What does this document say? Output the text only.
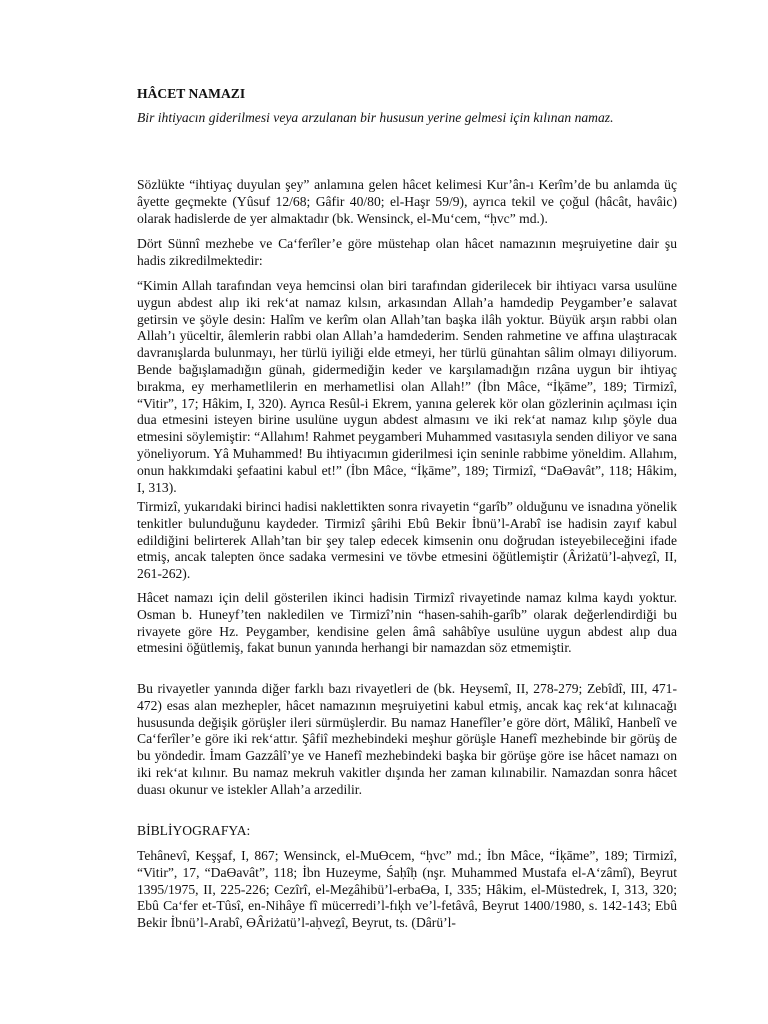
HÂCET NAMAZI
Bir ihtiyacın giderilmesi veya arzulanan bir hususun yerine gelmesi için kılınan namaz.

Sözlükte “ihtiyaç duyulan şey” anlamına gelen hâcet kelimesi Kur’ân-ı Kerîm’de bu anlamda üç âyette geçmekte (Yûsuf 12/68; Gâfir 40/80; el-Haşr 59/9), ayrıca tekil ve çoğul (hâcât, havâic) olarak hadislerde de yer almaktadır (bk. Wensinck, el-Mu‘cem, “ḥvc” md.).

Dört Sünnî mezhebe ve Ca‘ferîler’e göre müstehap olan hâcet namazının meşruiyetine dair şu hadis zikredilmektedir:

“Kimin Allah tarafından veya hemcinsi olan biri tarafından giderilecek bir ihtiyacı varsa usulüne uygun abdest alıp iki rek‘at namaz kılsın, arkasından Allah’a hamdedip Peygamber’e salavat getirsin ve şöyle desin: Halîm ve kerîm olan Allah’tan başka ilâh yoktur. Büyük arşın rabbi olan Allah’ı yüceltir, âlemlerin rabbi olan Allah’a hamdederim. Senden rahmetine ve affına ulaştıracak davranışlarda bulunmayı, her türlü iyiliği elde etmeyi, her türlü günahtan sâlim olmayı diliyorum. Bende bağışlamadığın günah, gidermediğin keder ve karşılamadığın rızâna uygun bir ihtiyaç bırakma, ey merhametlilerin en merhametlisi olan Allah!” (İbn Mâce, “İķāme”, 189; Tirmizî, “Vitir”, 17; Hâkim, I, 320). Ayrıca Resûl-i Ekrem, yanına gelerek kör olan gözlerinin açılması için dua etmesini isteyen birine usulüne uygun abdest almasını ve iki rek‘at namaz kılıp şöyle dua etmesini söylemiştir: “Allahım! Rahmet peygamberi Muhammed vasıtasıyla senden diliyor ve sana yöneliyorum. Yâ Muhammed! Bu ihtiyacımın giderilmesi için seninle rabbime yöneldim. Allahım, onun hakkımdaki şefaatini kabul et!” (İbn Mâce, “İķāme”, 189; Tirmizî, “DaƟavât”, 118; Hâkim, I, 313).

Tirmizî, yukarıdaki birinci hadisi naklettikten sonra rivayetin “garîb” olduğunu ve isnadına yönelik tenkitler bulunduğunu kaydeder. Tirmizî şârihi Ebû Bekir İbnü’l-Arabî ise hadisin zayıf kabul edildiğini belirterek Allah’tan bir şey talep edecek kimsenin onu doğrudan isteyebileceğini ifade etmiş, ancak talepten önce sadaka vermesini ve tövbe etmesini öğütlemiştir (Âriżatü’l-aḥveẕî, II, 261-262).

Hâcet namazı için delil gösterilen ikinci hadisin Tirmizî rivayetinde namaz kılma kaydı yoktur. Osman b. Huneyf’ten nakledilen ve Tirmizî’nin “hasen-sahih-garîb” olarak değerlendirdiği bu rivayete göre Hz. Peygamber, kendisine gelen âmâ sahâbîye usulüne uygun abdest alıp dua etmesini öğütlemiş, fakat bunun yanında herhangi bir namazdan söz etmemiştir.

Bu rivayetler yanında diğer farklı bazı rivayetleri de (bk. Heysemî, II, 278-279; Zebîdî, III, 471-472) esas alan mezhepler, hâcet namazının meşruiyetini kabul etmiş, ancak kaç rek‘at kılınacağı hususunda değişik görüşler ileri sürmüşlerdir. Bu namaz Hanefîler’e göre dört, Mâlikî, Hanbelî ve Ca‘ferîler’e göre iki rek‘attır. Şâfiî mezhebindeki meşhur görüşle Hanefî mezhebinde bir görüş de bu yöndedir. İmam Gazzâlî’ye ve Hanefî mezhebindeki başka bir görüşe göre ise hâcet namazı on iki rek‘at kılınır. Bu namaz mekruh vakitler dışında her zaman kılınabilir. Namazdan sonra hâcet duası okunur ve istekler Allah’a arzedilir.

BİBLİYOGRAFYA:

Tehânevî, Keşşaf, I, 867; Wensinck, el-MuƟcem, “ḥvc” md.; İbn Mâce, “İķāme”, 189; Tirmizî, “Vitir”, 17, “DaƟavât”, 118; İbn Huzeyme, Śaḥîḥ (nşr. Muhammed Mustafa el-A‘zâmî), Beyrut 1395/1975, II, 225-226; Cezîrî, el-Meẕâhibü’l-erbaƟa, I, 335; Hâkim, el-Müstedrek, I, 313, 320; Ebû Ca‘fer et-Tûsî, en-Nihâye fî mücerredi’l-fıķh ve’l-fetâvâ, Beyrut 1400/1980, s. 142-143; Ebû Bekir İbnü’l-Arabî, ƟÂriżatü’l-aḥveẕî, Beyrut, ts. (Dârü’l-
